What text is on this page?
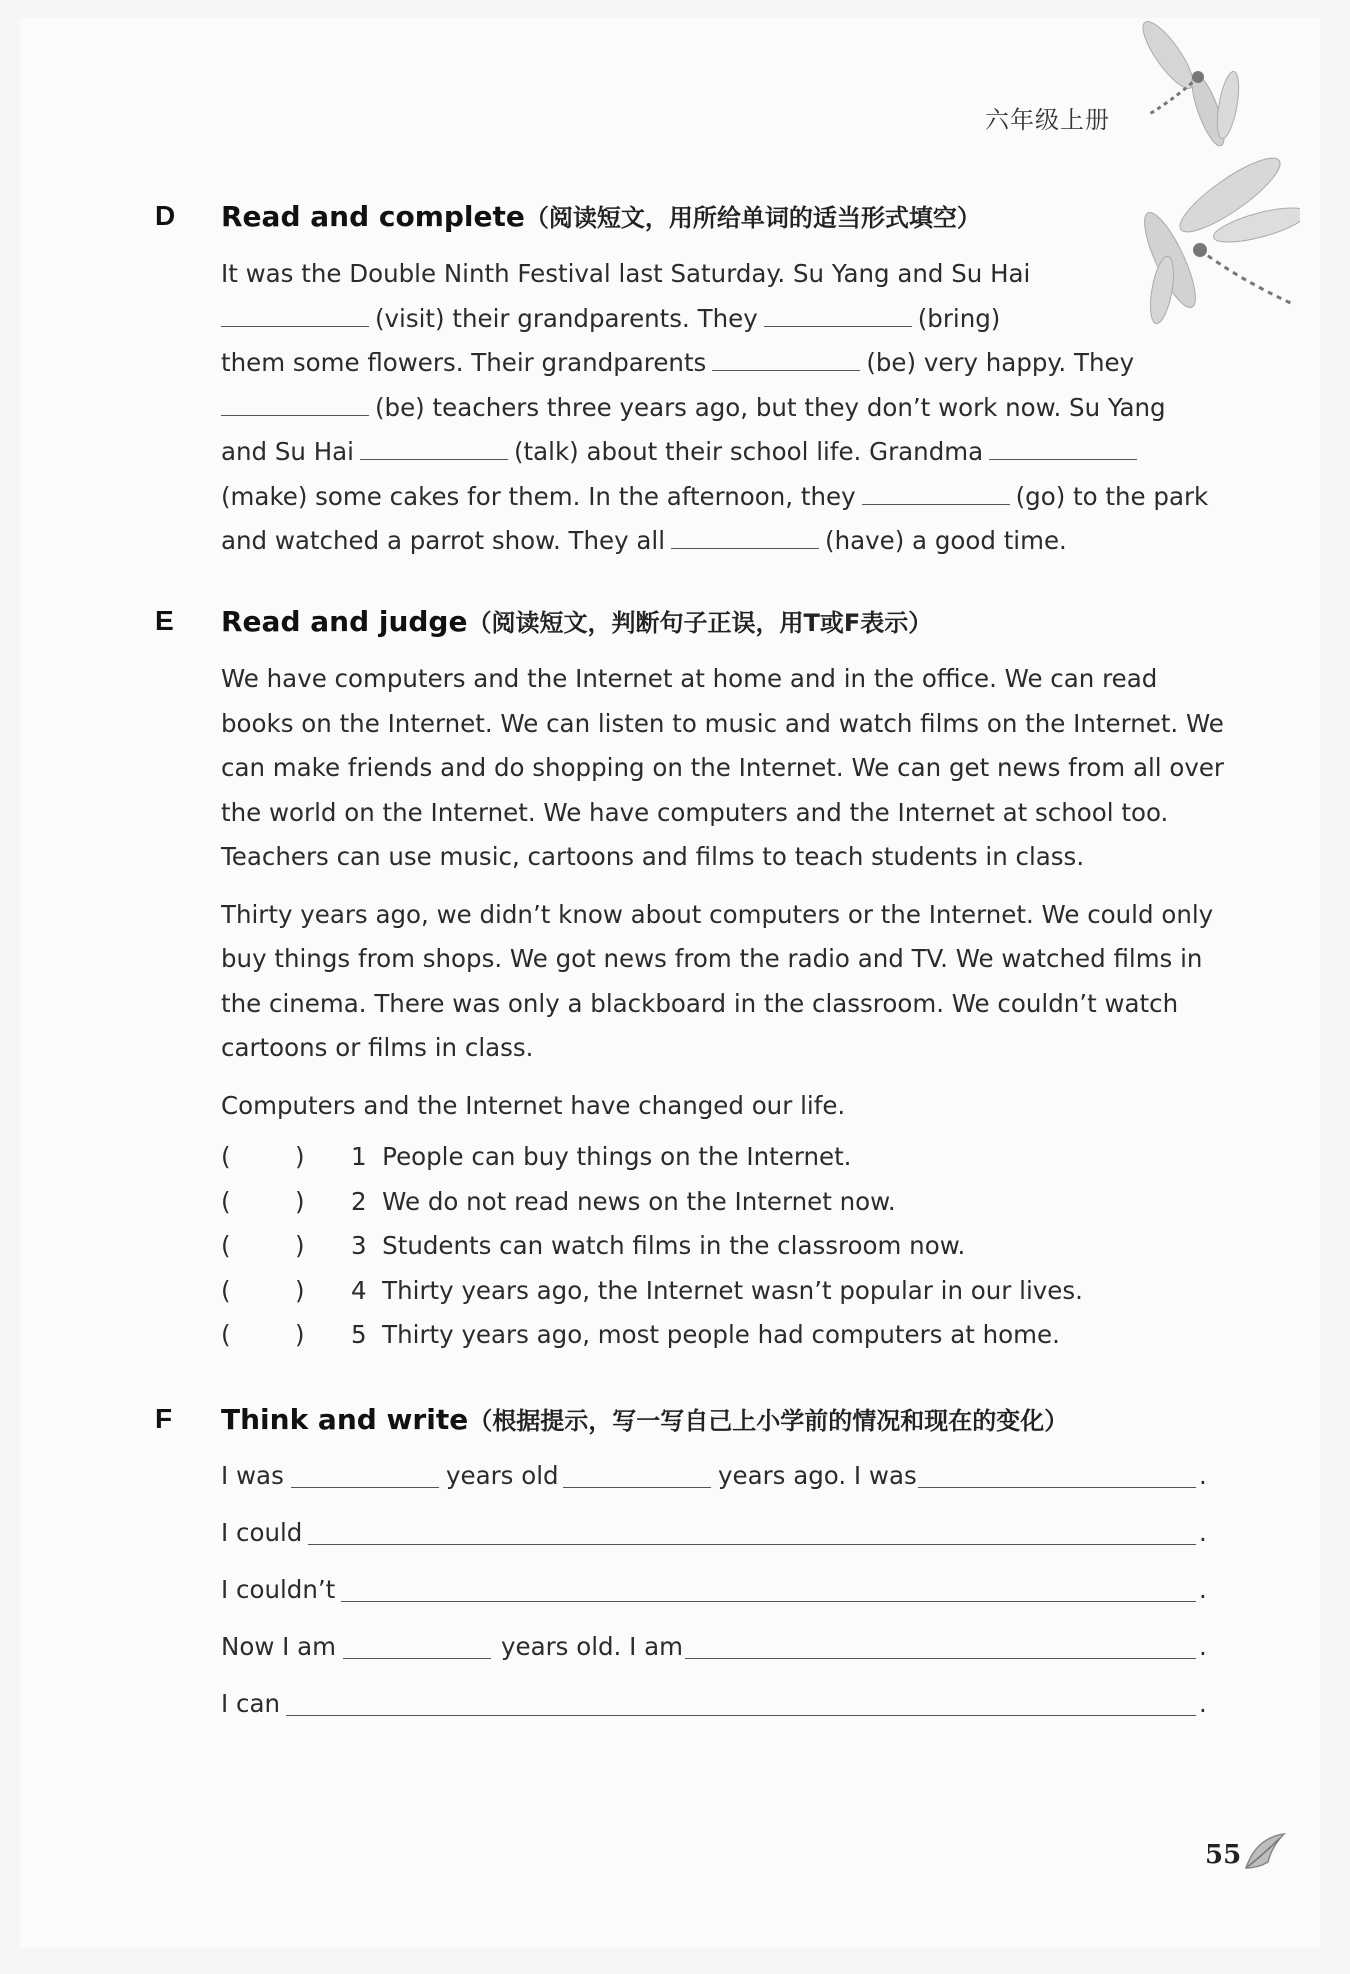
六年级上册
D Read and complete（阅读短文，用所给单词的适当形式填空）

It was the Double Ninth Festival last Saturday. Su Yang and Su Hai

(visit) their grandparents. They	(bring)

them some flowers. Their grandparents	(be) very happy. They

(be) teachers three years ago, but they don’t work now. Su Yang

and Su Hai	(talk) about their school life. Grandma

(make) some cakes for them. In the afternoon, they	(go) to the park

and watched a parrot show. They all	(have) a good time.

E Read and judge（阅读短文，判断句子正误，用T或F表示）

We have computers and the Internet at home and in the office. We can read books on the Internet. We can listen to music and watch films on the Internet. We can make friends and do shopping on the Internet. We can get news from all over the world on the Internet. We have computers and the Internet at school too. Teachers can use music, cartoons and films to teach students in class.

Thirty years ago, we didn’t know about computers or the Internet. We could only buy things from shops. We got news from the radio and TV. We watched films in the cinema. There was only a blackboard in the classroom. We couldn’t watch cartoons or films in class.

Computers and the Internet have changed our life.

(	) 1 People can buy things on the Internet.
(	) 2 We do not read news on the Internet now.
(	) 3 Students can watch films in the classroom now.
(	) 4 Thirty years ago, the Internet wasn’t popular in our lives.
(	) 5 Thirty years ago, most people had computers at home.
F Think and write（根据提示，写一写自己上小学前的情况和现在的变化）
I was	years old	years ago. I was	.
I could	.
I couldn’t	.
Now I am	years old. I am	.
I can	.
55
